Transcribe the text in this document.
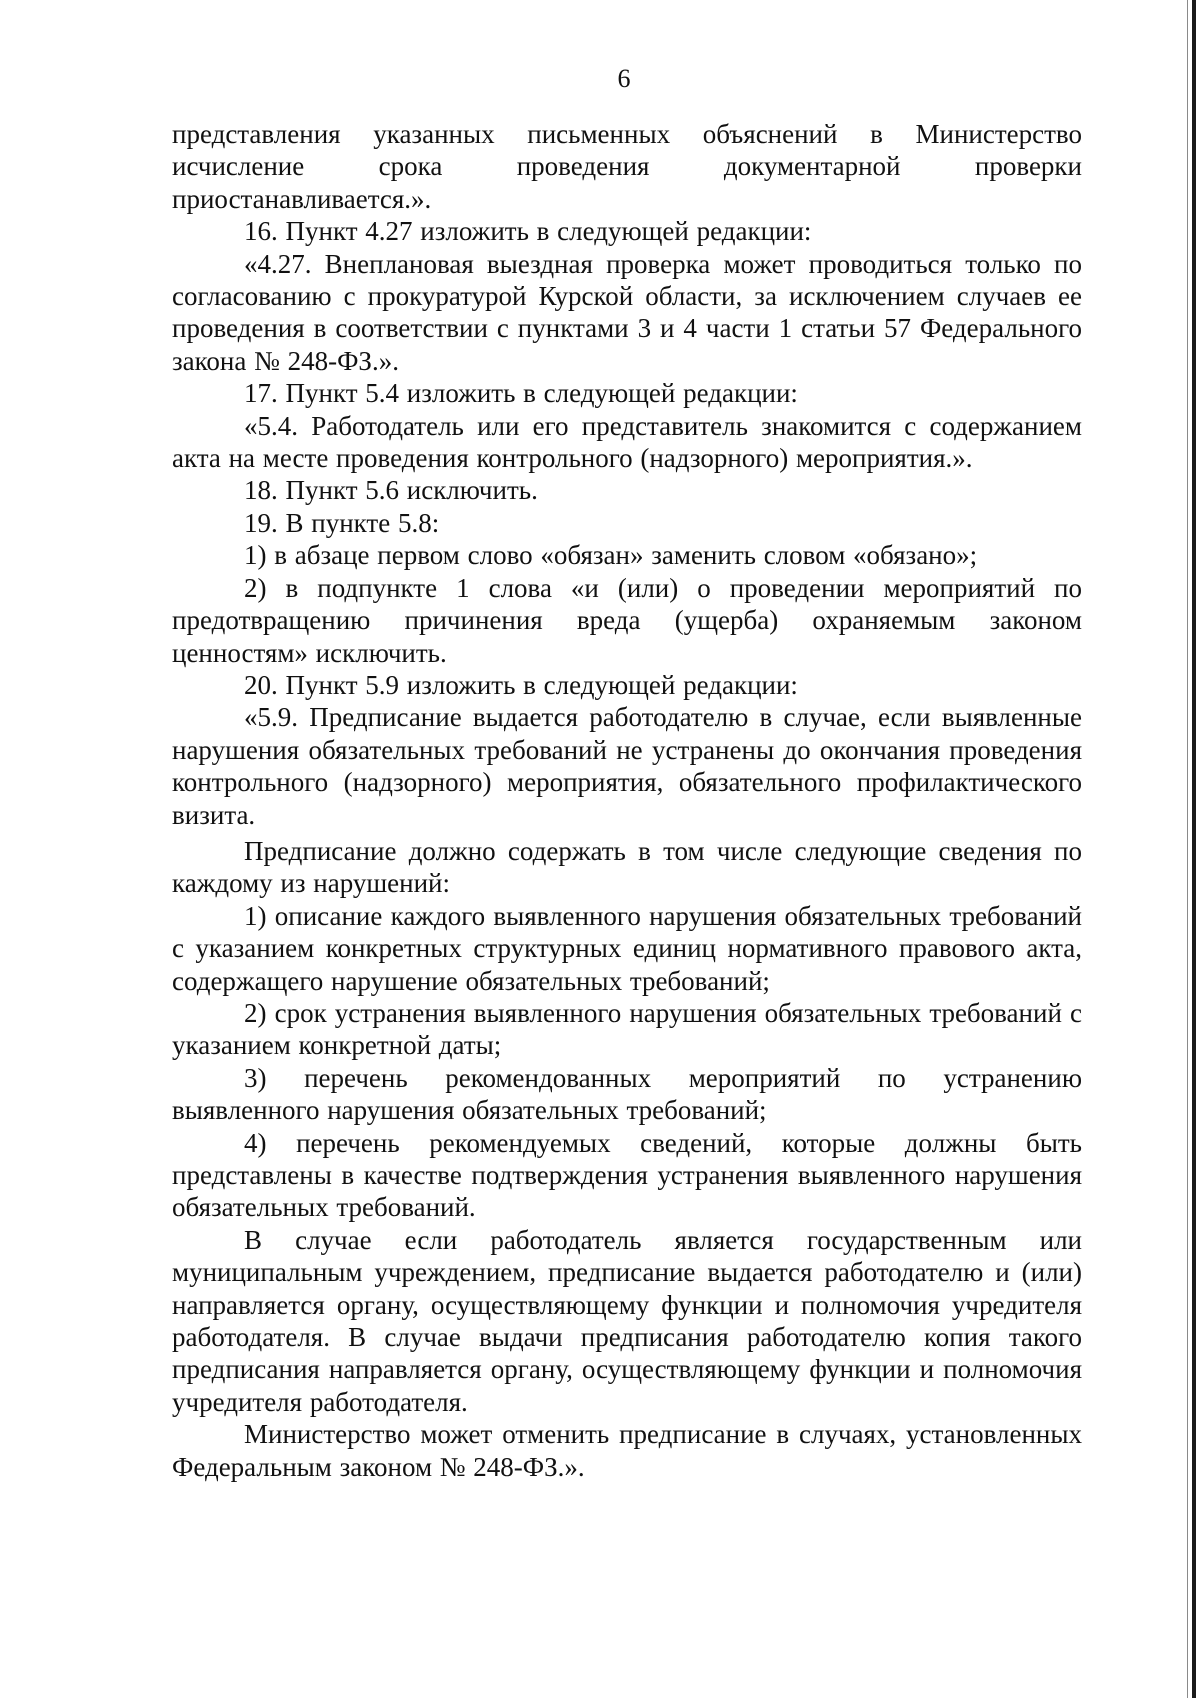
6

представления указанных письменных объяснений в Министерство исчисление срока проведения документарной проверки приостанавливается.».

16. Пункт 4.27 изложить в следующей редакции:

«4.27. Внеплановая выездная проверка может проводиться только по согласованию с прокуратурой Курской области, за исключением случаев ее проведения в соответствии с пунктами 3 и 4 части 1 статьи 57 Федерального закона № 248-ФЗ.».

17. Пункт 5.4 изложить в следующей редакции:

«5.4. Работодатель или его представитель знакомится с содержанием акта на месте проведения контрольного (надзорного) мероприятия.».

18. Пункт 5.6 исключить.

19. В пункте 5.8:

1) в абзаце первом слово «обязан» заменить словом «обязано»;

2) в подпункте 1 слова «и (или) о проведении мероприятий по предотвращению причинения вреда (ущерба) охраняемым законом ценностям» исключить.

20. Пункт 5.9 изложить в следующей редакции:

«5.9. Предписание выдается работодателю в случае, если выявленные нарушения обязательных требований не устранены до окончания проведения контрольного (надзорного) мероприятия, обязательного профилактического визита.

Предписание должно содержать в том числе следующие сведения по каждому из нарушений:

1) описание каждого выявленного нарушения обязательных требований с указанием конкретных структурных единиц нормативного правового акта, содержащего нарушение обязательных требований;

2) срок устранения выявленного нарушения обязательных требований с указанием конкретной даты;

3) перечень рекомендованных мероприятий по устранению выявленного нарушения обязательных требований;

4) перечень рекомендуемых сведений, которые должны быть представлены в качестве подтверждения устранения выявленного нарушения обязательных требований.

В случае если работодатель является государственным или муниципальным учреждением, предписание выдается работодателю и (или) направляется органу, осуществляющему функции и полномочия учредителя работодателя. В случае выдачи предписания работодателю копия такого предписания направляется органу, осуществляющему функции и полномочия учредителя работодателя.

Министерство может отменить предписание в случаях, установленных Федеральным законом № 248-ФЗ.».
